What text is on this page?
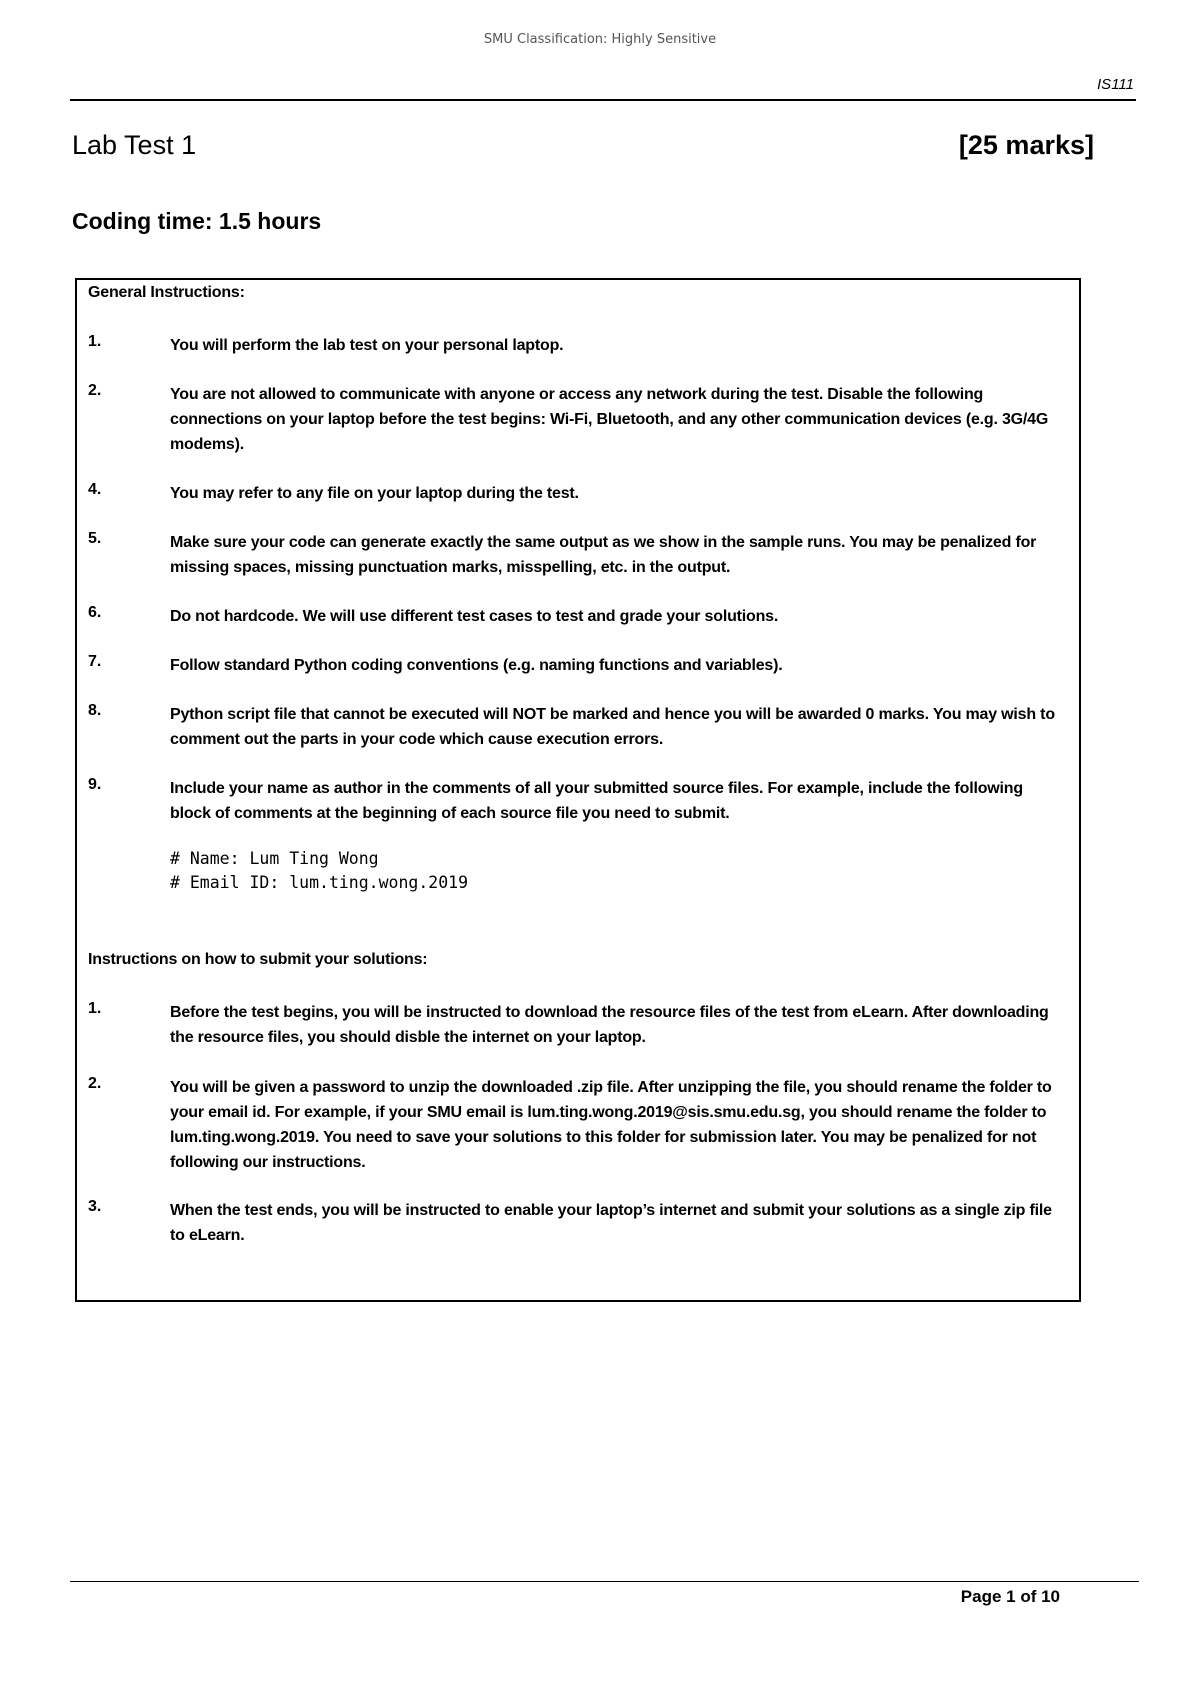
SMU Classification: Highly Sensitive
IS111
Lab Test 1	[25 marks]
Coding time: 1.5 hours
General Instructions:
1.	You will perform the lab test on your personal laptop.
2.	You are not allowed to communicate with anyone or access any network during the test. Disable the following connections on your laptop before the test begins: Wi-Fi, Bluetooth, and any other communication devices (e.g. 3G/4G modems).
4.	You may refer to any file on your laptop during the test.
5.	Make sure your code can generate exactly the same output as we show in the sample runs. You may be penalized for missing spaces, missing punctuation marks, misspelling, etc. in the output.
6.	Do not hardcode. We will use different test cases to test and grade your solutions.
7.	Follow standard Python coding conventions (e.g. naming functions and variables).
8.	Python script file that cannot be executed will NOT be marked and hence you will be awarded 0 marks. You may wish to comment out the parts in your code which cause execution errors.
9.	Include your name as author in the comments of all your submitted source files. For example, include the following block of comments at the beginning of each source file you need to submit.
# Name: Lum Ting Wong
# Email ID: lum.ting.wong.2019
Instructions on how to submit your solutions:
1.	Before the test begins, you will be instructed to download the resource files of the test from eLearn. After downloading the resource files, you should disble the internet on your laptop.
2.	You will be given a password to unzip the downloaded .zip file. After unzipping the file, you should rename the folder to your email id. For example, if your SMU email is lum.ting.wong.2019@sis.smu.edu.sg, you should rename the folder to lum.ting.wong.2019. You need to save your solutions to this folder for submission later. You may be penalized for not following our instructions.
3.	When the test ends, you will be instructed to enable your laptop’s internet and submit your solutions as a single zip file to eLearn.
Page 1 of 10
